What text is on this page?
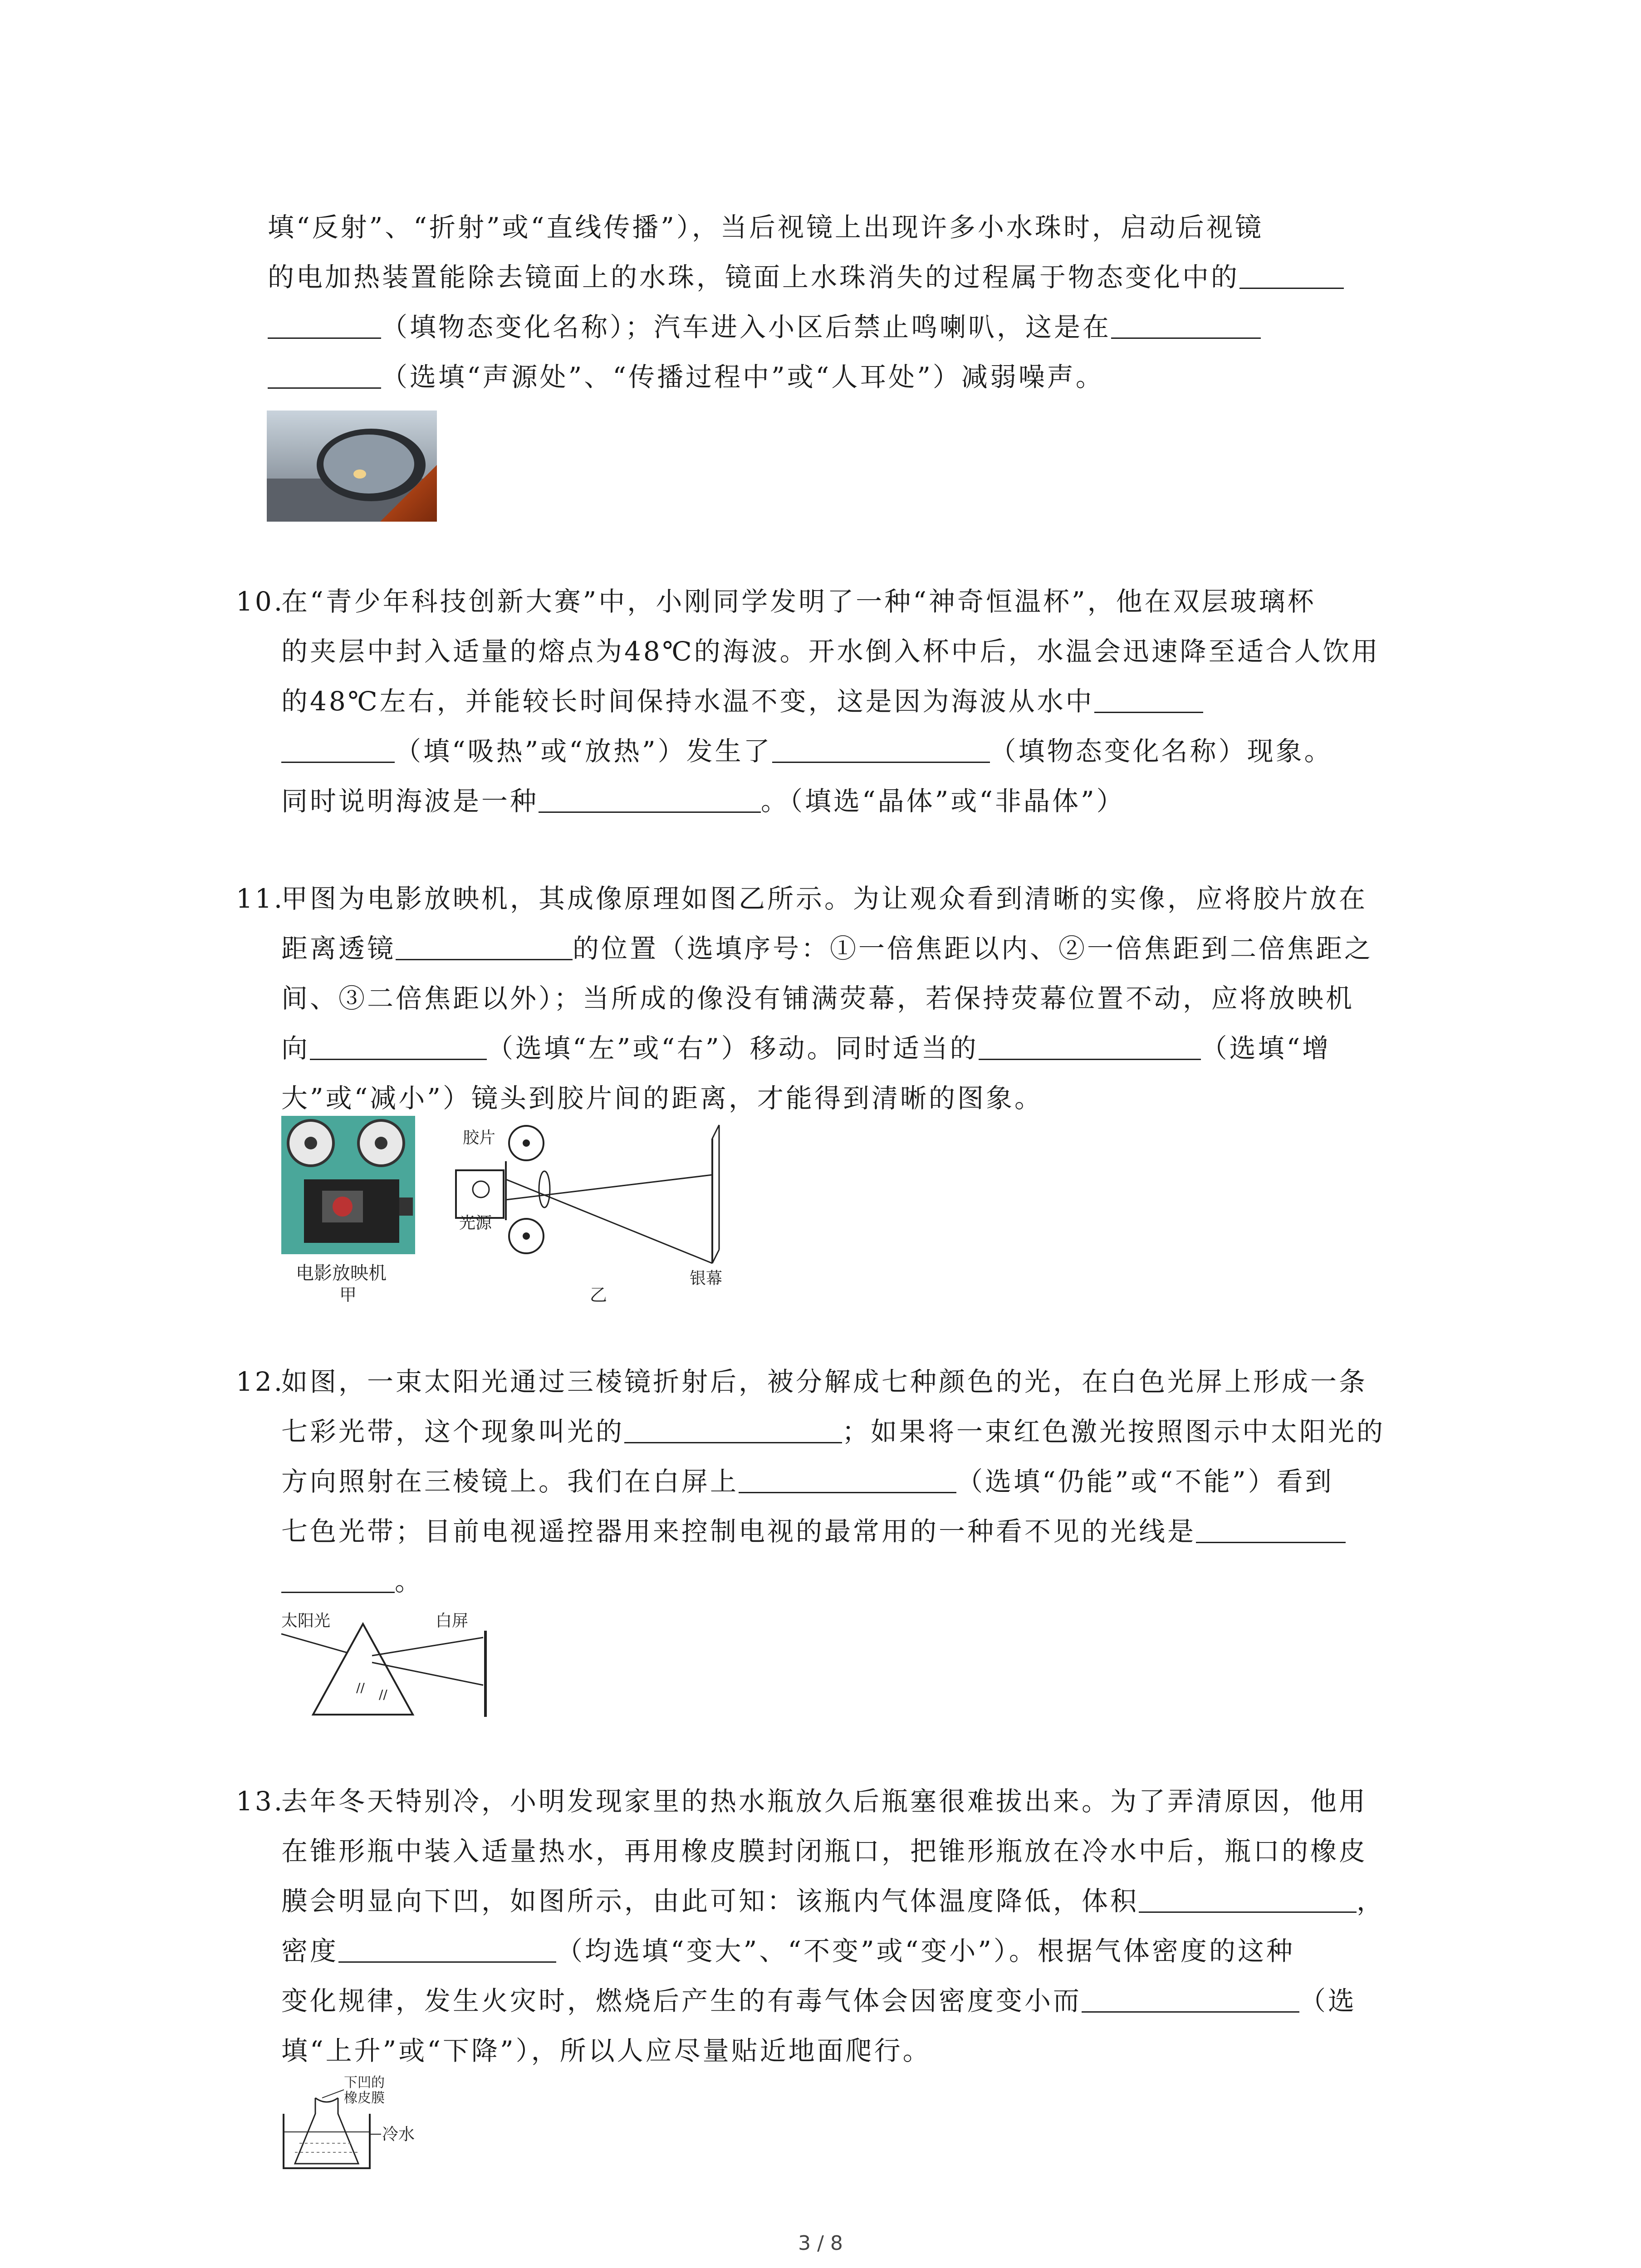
填“反射”、“折射”或“直线传播”），当后视镜上出现许多小水珠时，启动后视镜
的电加热装置能除去镜面上的水珠，镜面上水珠消失的过程属于物态变化中的
（填物态变化名称）；汽车进入小区后禁止鸣喇叭，这是在
（选填“声源处”、“传播过程中”或“人耳处”）减弱噪声。
10.
在“青少年科技创新大赛”中，小刚同学发明了一种“神奇恒温杯”，他在双层玻璃杯
的夹层中封入适量的熔点为48℃的海波。开水倒入杯中后，水温会迅速降至适合人饮用
的48℃左右，并能较长时间保持水温不变，这是因为海波从水中
（填“吸热”或“放热”）发生了	（填物态变化名称）现象。
同时说明海波是一种	。（填选“晶体”或“非晶体”）
11.
甲图为电影放映机，其成像原理如图乙所示。为让观众看到清晰的实像，应将胶片放在
距离透镜	的位置（选填序号：①一倍焦距以内、②一倍焦距到二倍焦距之
间、③二倍焦距以外）；当所成的像没有铺满荧幕，若保持荧幕位置不动，应将放映机
向	（选填“左”或“右”）移动。同时适当的	（选填“增
大”或“减小”）镜头到胶片间的距离，才能得到清晰的图象。
电影放映机
甲
胶片
光源
银幕
乙
12.
如图，一束太阳光通过三棱镜折射后，被分解成七种颜色的光，在白色光屏上形成一条
七彩光带，这个现象叫光的	；如果将一束红色激光按照图示中太阳光的
方向照射在三棱镜上。我们在白屏上	（选填“仍能”或“不能”）看到
七色光带；目前电视遥控器用来控制电视的最常用的一种看不见的光线是
。
太阳光	白屏
// //
13.
去年冬天特别冷，小明发现家里的热水瓶放久后瓶塞很难拔出来。为了弄清原因，他用
在锥形瓶中装入适量热水，再用橡皮膜封闭瓶口，把锥形瓶放在冷水中后，瓶口的橡皮
膜会明显向下凹，如图所示，由此可知：该瓶内气体温度降低，体积	，
密度	（均选填“变大”、“不变”或“变小”）。根据气体密度的这种
变化规律，发生火灾时，燃烧后产生的有毒气体会因密度变小而	（选
填“上升”或“下降”），所以人应尽量贴近地面爬行。
下凹的
橡皮膜
冷水
3 / 8
